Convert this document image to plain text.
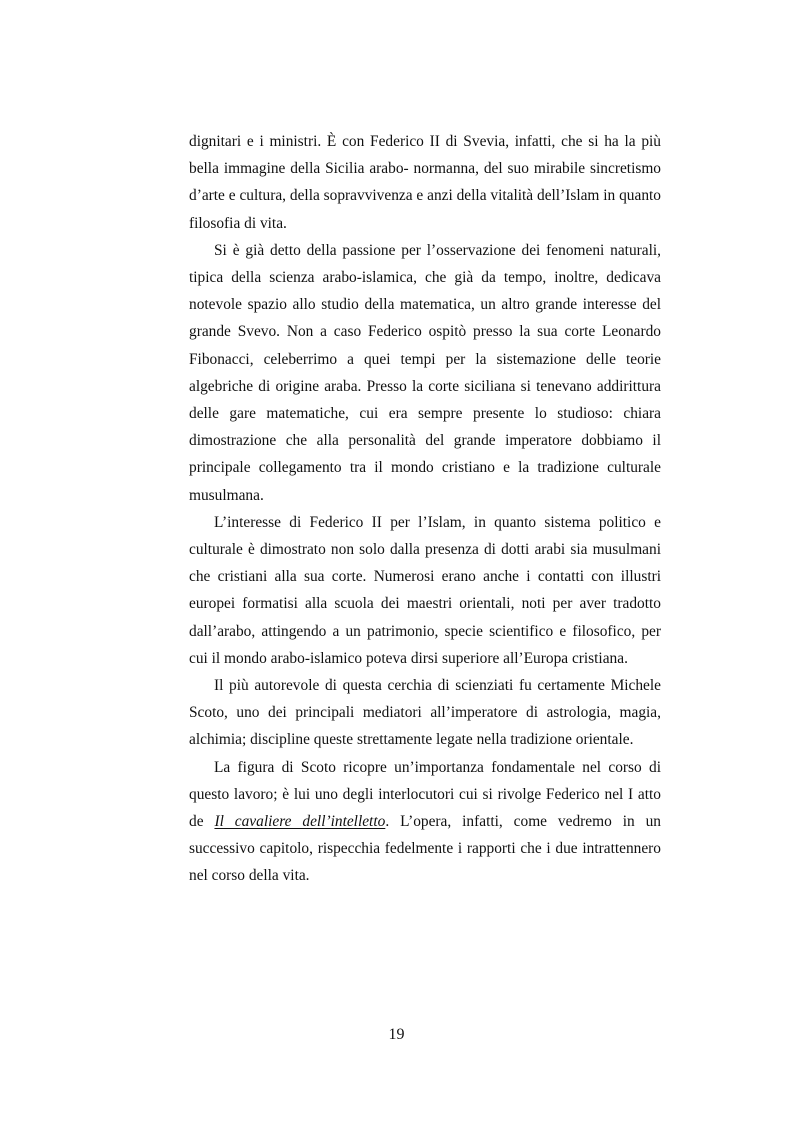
dignitari e i ministri. È con Federico II di Svevia, infatti, che si ha la più bella immagine della Sicilia arabo- normanna, del suo mirabile sincretismo d’arte e cultura, della sopravvivenza e anzi della vitalità dell’Islam in quanto filosofia di vita.

Si è già detto della passione per l’osservazione dei fenomeni naturali, tipica della scienza arabo-islamica, che già da tempo, inoltre, dedicava notevole spazio allo studio della matematica, un altro grande interesse del grande Svevo. Non a caso Federico ospitò presso la sua corte Leonardo Fibonacci, celeberrimo a quei tempi per la sistemazione delle teorie algebriche di origine araba. Presso la corte siciliana si tenevano addirittura delle gare matematiche, cui era sempre presente lo studioso: chiara dimostrazione che alla personalità del grande imperatore dobbiamo il principale collegamento tra il mondo cristiano e la tradizione culturale musulmana.

L’interesse di Federico II per l’Islam, in quanto sistema politico e culturale è dimostrato non solo dalla presenza di dotti arabi sia musulmani che cristiani alla sua corte. Numerosi erano anche i contatti con illustri europei formatisi alla scuola dei maestri orientali, noti per aver tradotto dall’arabo, attingendo a un patrimonio, specie scientifico e filosofico, per cui il mondo arabo-islamico poteva dirsi superiore all’Europa cristiana.

Il più autorevole di questa cerchia di scienziati fu certamente Michele Scoto, uno dei principali mediatori all’imperatore di astrologia, magia, alchimia; discipline queste strettamente legate nella tradizione orientale.

La figura di Scoto ricopre un’importanza fondamentale nel corso di questo lavoro; è lui uno degli interlocutori cui si rivolge Federico nel I atto de Il cavaliere dell’intelletto. L’opera, infatti, come vedremo in un successivo capitolo, rispecchia fedelmente i rapporti che i due intrattennero nel corso della vita.

19
